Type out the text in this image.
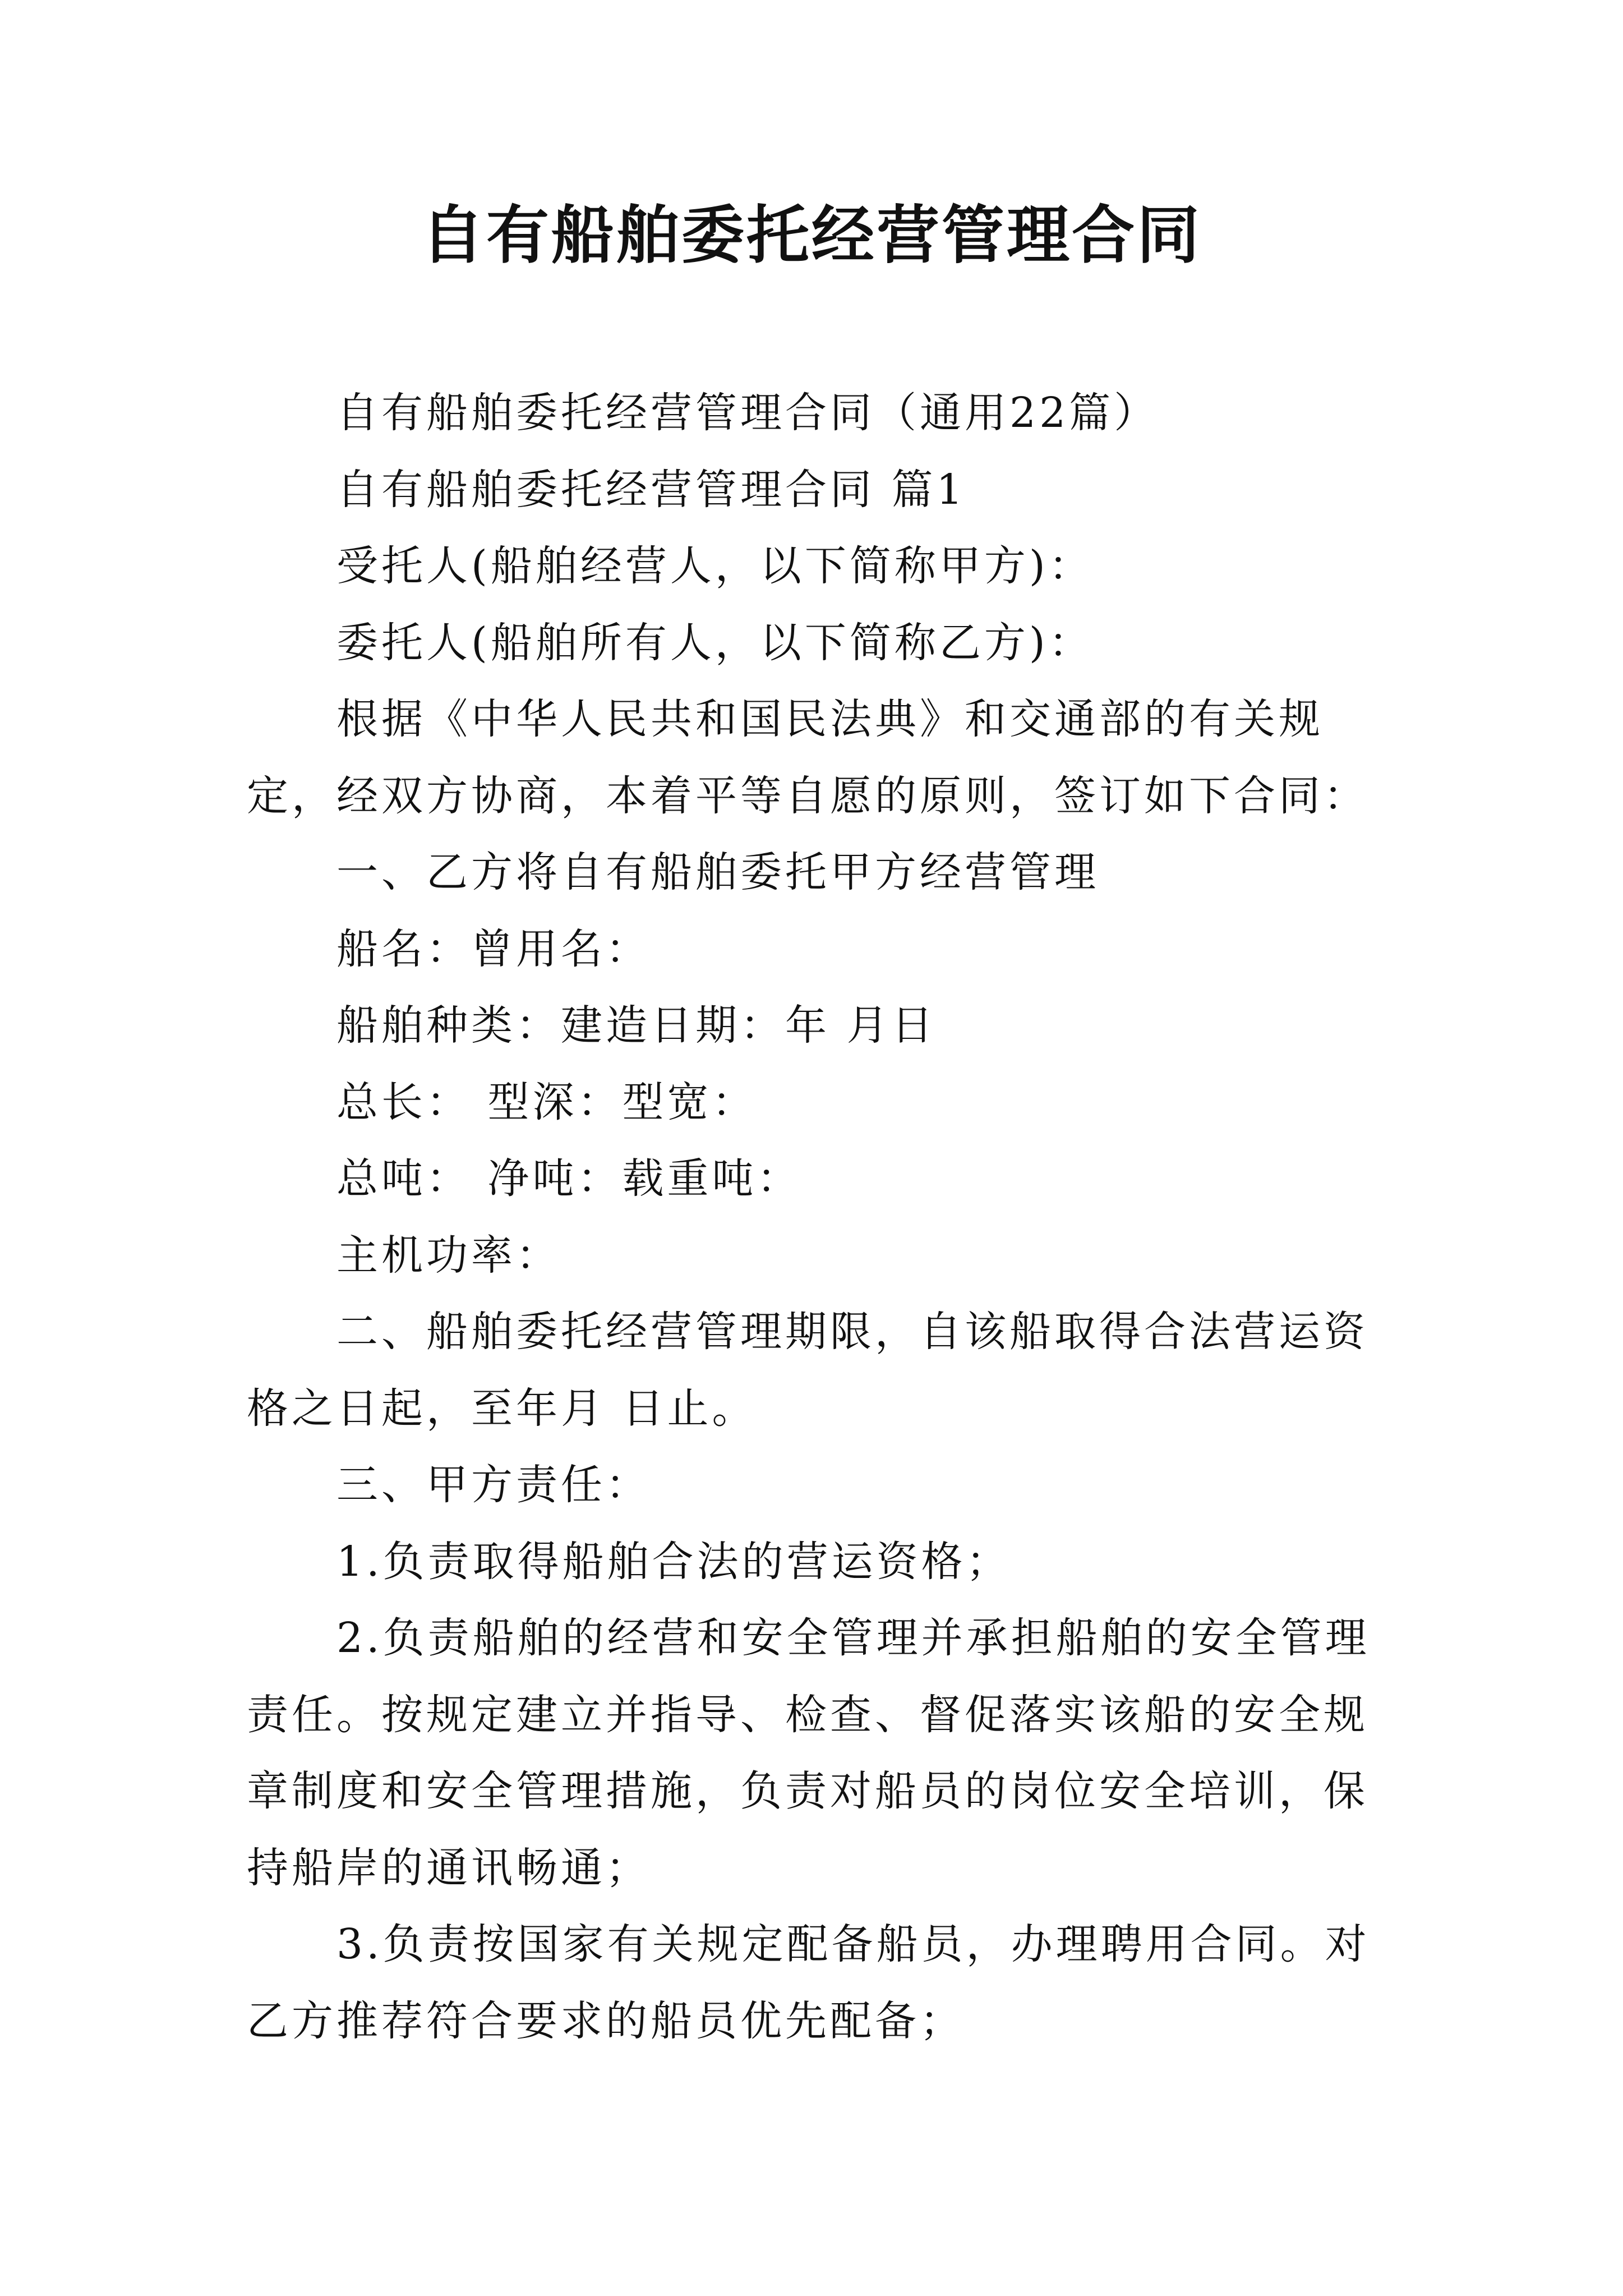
自有船舶委托经营管理合同

自有船舶委托经营管理合同（通用22篇）

自有船舶委托经营管理合同 篇1

受托人(船舶经营人，以下简称甲方)：

委托人(船舶所有人，以下简称乙方)：

根据《中华人民共和国民法典》和交通部的有关规定，经双方协商，本着平等自愿的原则，签订如下合同：

一、乙方将自有船舶委托甲方经营管理

船名：曾用名：

船舶种类：建造日期：年 月日

总长： 型深：型宽：

总吨： 净吨：载重吨：

主机功率：

二、船舶委托经营管理期限，自该船取得合法营运资格之日起，至年月 日止。

三、甲方责任：

1.负责取得船舶合法的营运资格；

2.负责船舶的经营和安全管理并承担船舶的安全管理责任。按规定建立并指导、检查、督促落实该船的安全规章制度和安全管理措施，负责对船员的岗位安全培训，保持船岸的通讯畅通；

3.负责按国家有关规定配备船员，办理聘用合同。对乙方推荐符合要求的船员优先配备；
